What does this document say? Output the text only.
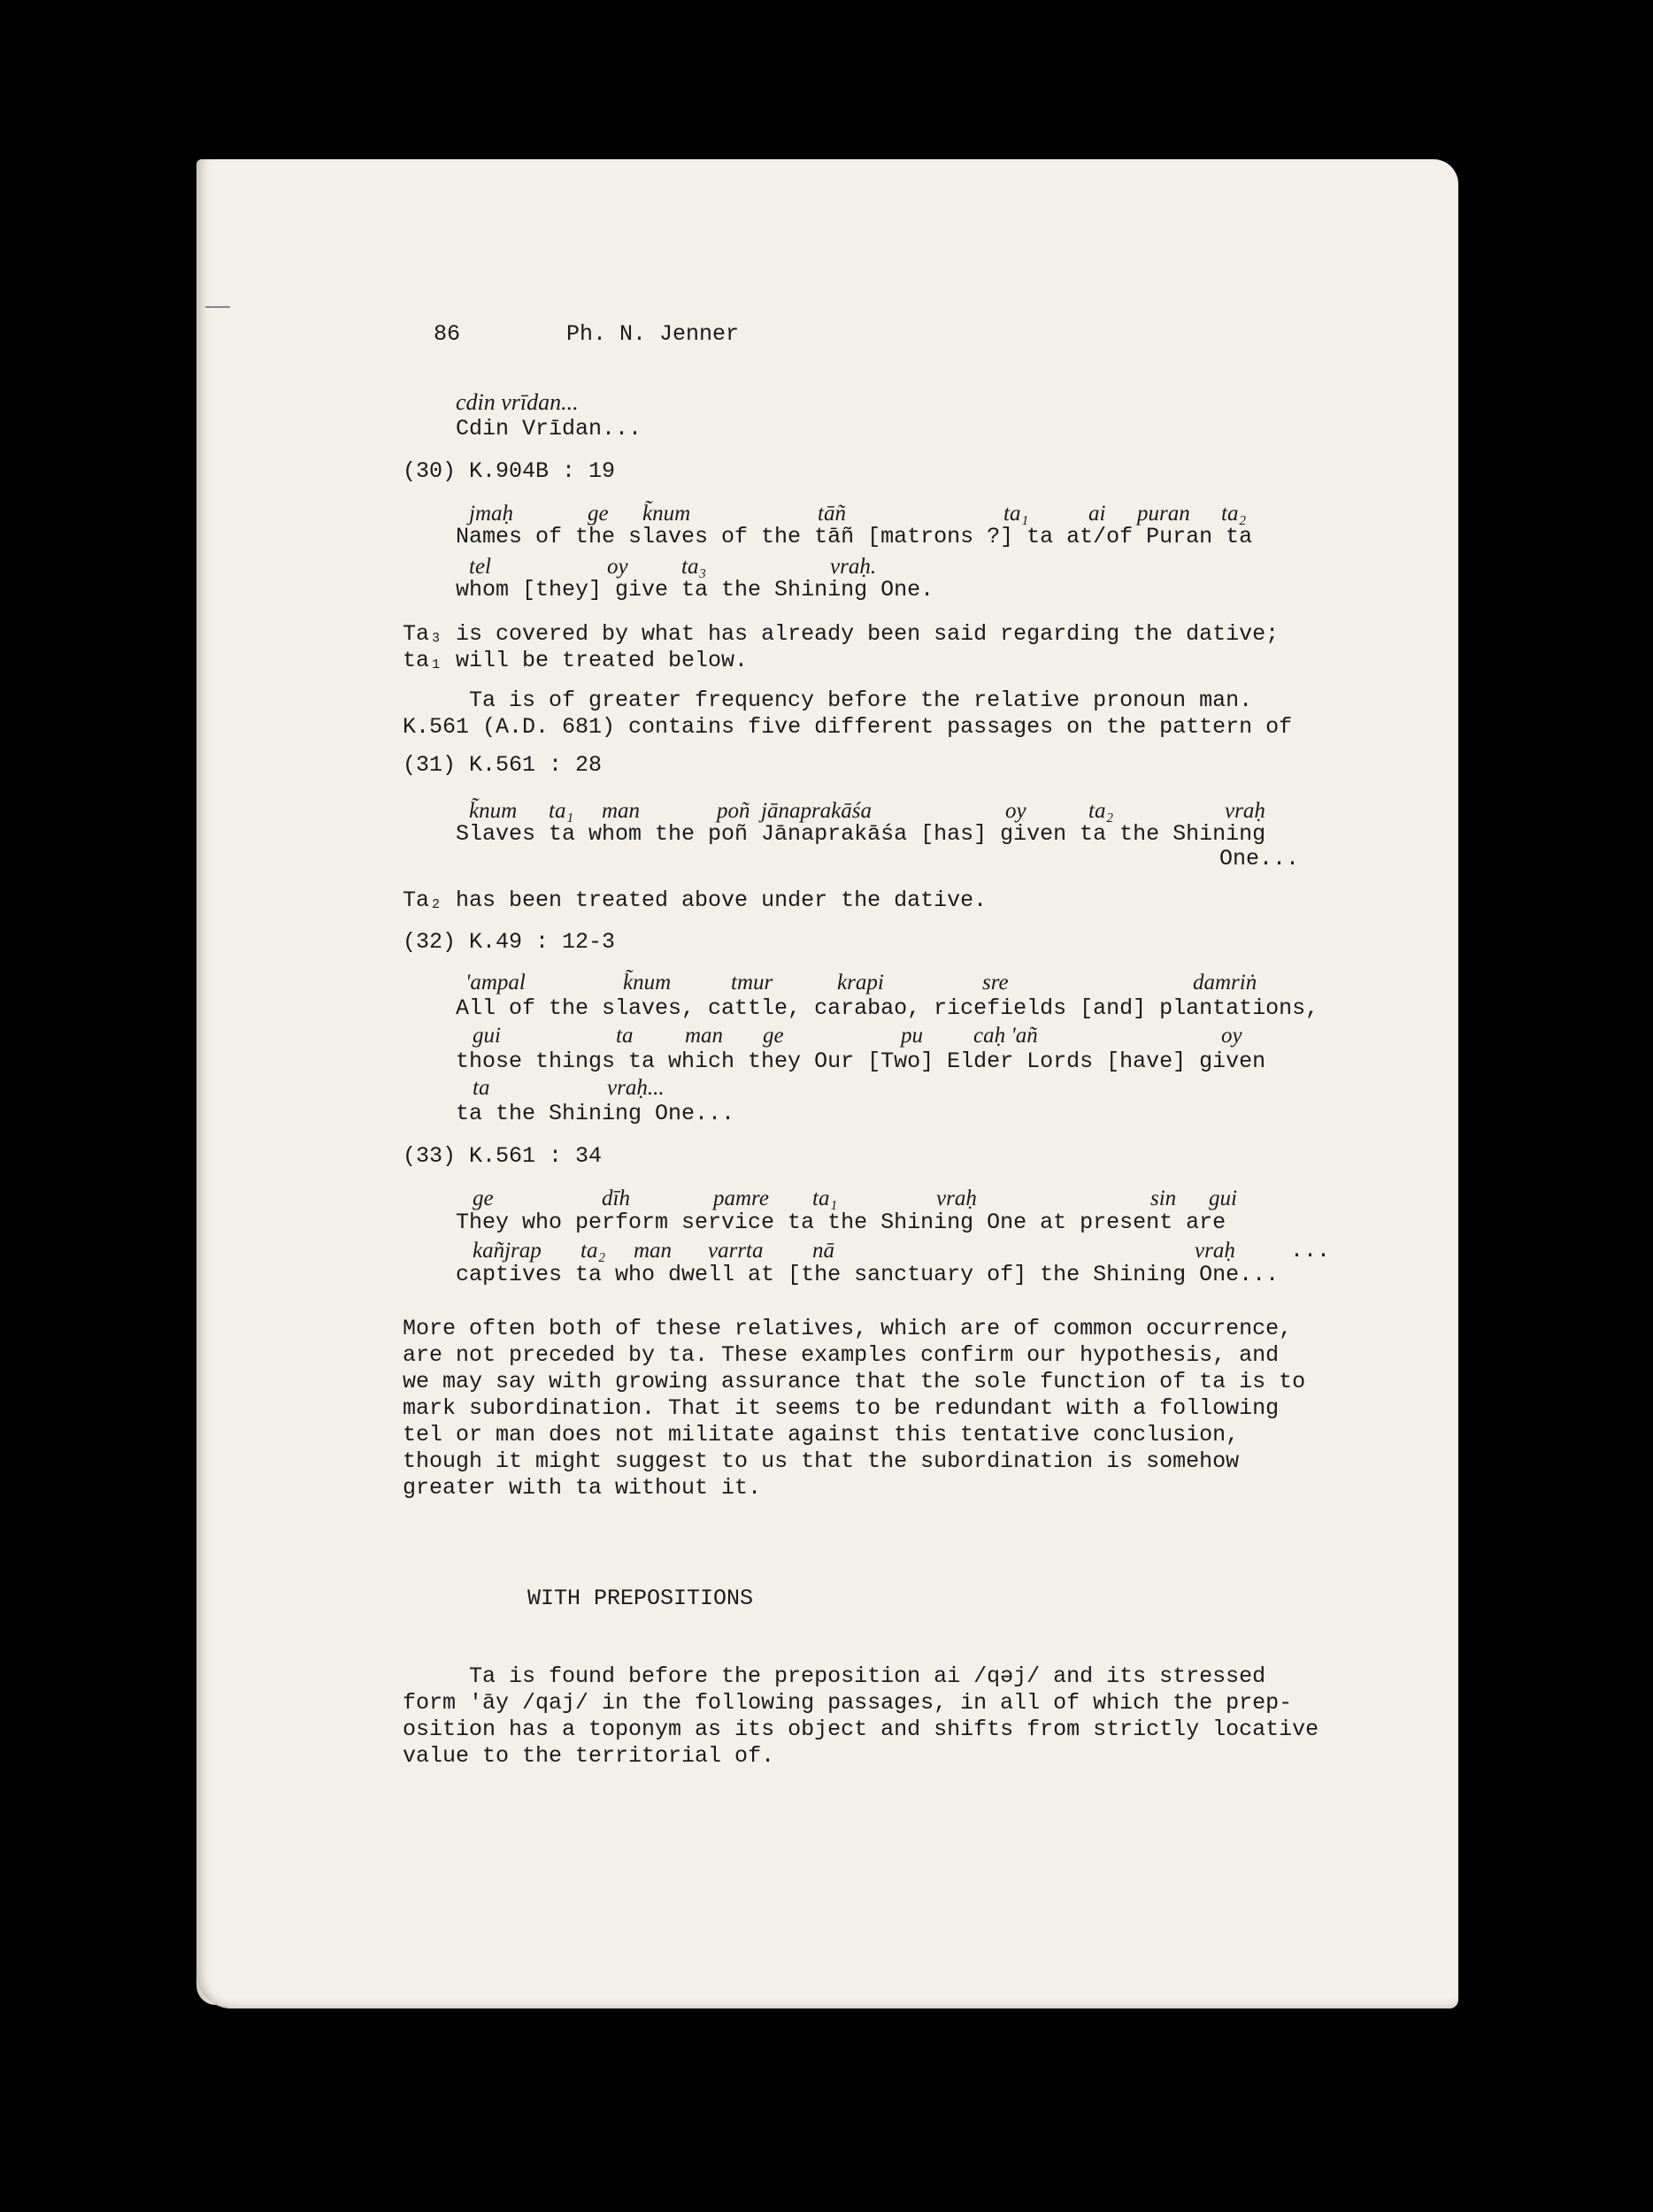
86	Ph. N. Jenner
cdin vrīdan...
Cdin Vrīdan...
(30) K.904B : 19
jmaḥ	ge k̃num	tāñ	ta₁	ai puran ta₂
Names of the slaves of the tāñ [matrons ?] ta at/of Puran ta
tel	oy ta₃	vraḥ.
whom [they] give ta the Shining One.
Ta₃ is covered by what has already been said regarding the dative;
ta₁ will be treated below.
Ta is of greater frequency before the relative pronoun man.
K.561 (A.D. 681) contains five different passages on the pattern of
(31) K.561 : 28
k̃num ta₁ man	poñ jānaprakāśa	oy	ta₂	vraḥ
Slaves ta whom the poñ Jānaprakāśa [has] given ta the Shining
One...
Ta₂ has been treated above under the dative.
(32) K.49 : 12-3
'ampal	k̃num	tmur	krapi	sre	damriṅ
All of the slaves, cattle, carabao, ricefields [and] plantations,
gui	ta man ge	pu caḥ 'añ	oy
those things ta which they Our [Two] Elder Lords [have] given
ta	vraḥ...
ta the Shining One...
(33) K.561 : 34
ge	dīh	pamre ta₁	vraḥ	sin gui
They who perform service ta the Shining One at present are
kañjrap ta₂ man varrta nā	vraḥ ...
captives ta who dwell at [the sanctuary of] the Shining One...
More often both of these relatives, which are of common occurrence,
are not preceded by ta. These examples confirm our hypothesis, and
we may say with growing assurance that the sole function of ta is to
mark subordination. That it seems to be redundant with a following
tel or man does not militate against this tentative conclusion,
though it might suggest to us that the subordination is somehow
greater with ta without it.
WITH PREPOSITIONS
Ta is found before the preposition ai /qəj/ and its stressed
form 'āy /qaj/ in the following passages, in all of which the prep-
osition has a toponym as its object and shifts from strictly locative
value to the territorial of.
